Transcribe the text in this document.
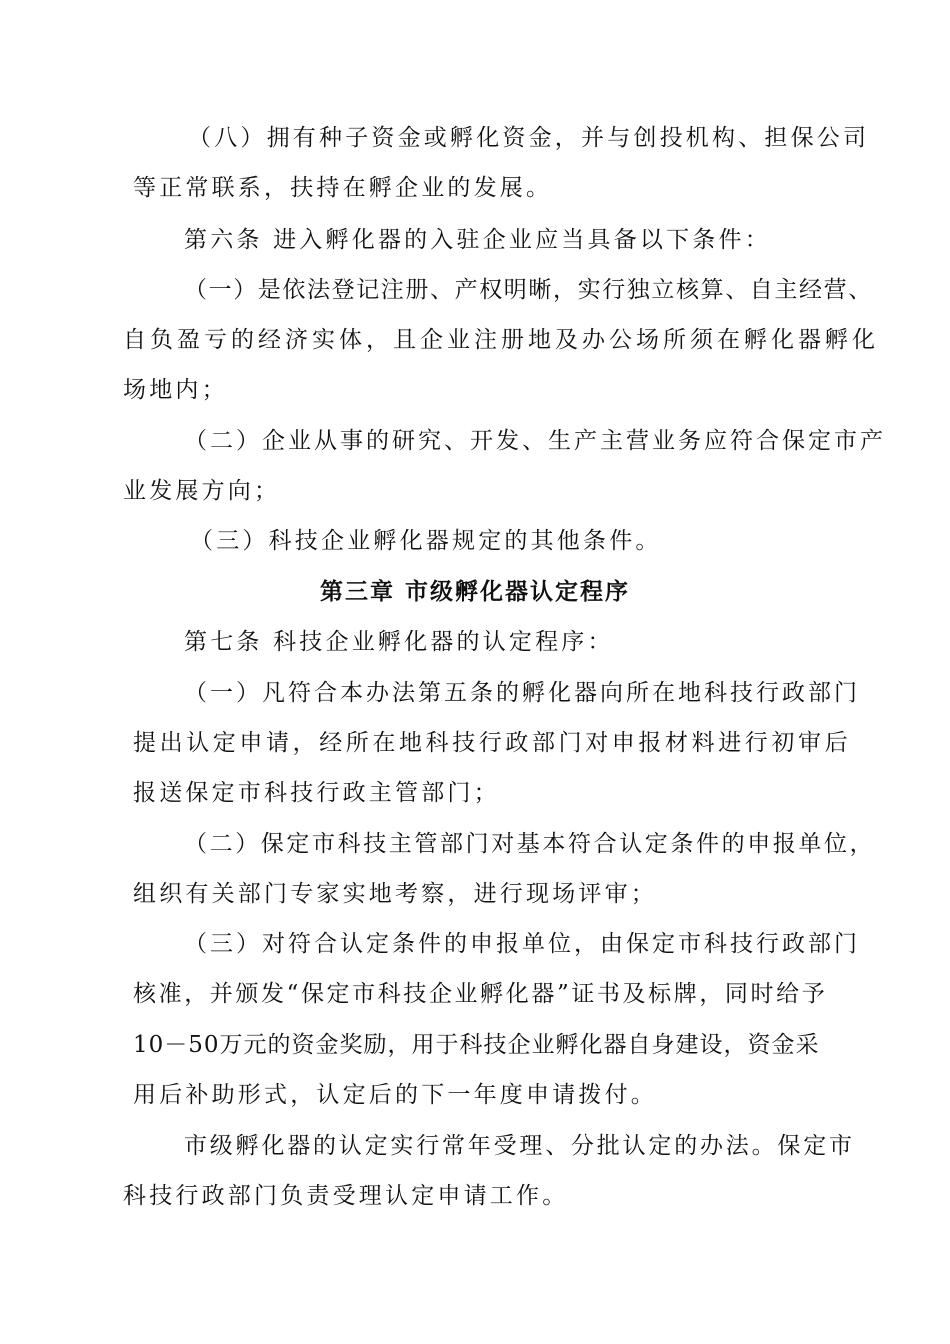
（八）拥有种子资金或孵化资金，并与创投机构、担保公司
等正常联系，扶持在孵企业的发展。
第六条 进入孵化器的入驻企业应当具备以下条件：
（一）是依法登记注册、产权明晰，实行独立核算、自主经营、
自负盈亏的经济实体，且企业注册地及办公场所须在孵化器孵化
场地内；
（二）企业从事的研究、开发、生产主营业务应符合保定市产
业发展方向；
（三）科技企业孵化器规定的其他条件。
第三章 市级孵化器认定程序
第七条 科技企业孵化器的认定程序：
（一）凡符合本办法第五条的孵化器向所在地科技行政部门
提出认定申请，经所在地科技行政部门对申报材料进行初审后
报送保定市科技行政主管部门；
（二）保定市科技主管部门对基本符合认定条件的申报单位，
组织有关部门专家实地考察，进行现场评审；
（三）对符合认定条件的申报单位，由保定市科技行政部门
核准，并颁发“保定市科技企业孵化器”证书及标牌，同时给予
10－50万元的资金奖励，用于科技企业孵化器自身建设，资金采
用后补助形式，认定后的下一年度申请拨付。
市级孵化器的认定实行常年受理、分批认定的办法。保定市
科技行政部门负责受理认定申请工作。
